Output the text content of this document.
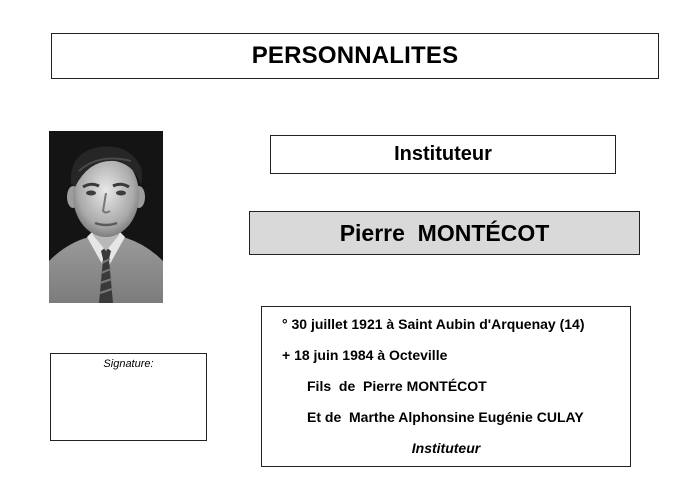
PERSONNALITES
Instituteur
Pierre  MONTÉCOT
Signature:
° 30 juillet 1921 à Saint Aubin d'Arquenay (14)
+ 18 juin 1984 à Octeville
Fils  de  Pierre MONTÉCOT
Et de  Marthe Alphonsine Eugénie CULAY
Instituteur
